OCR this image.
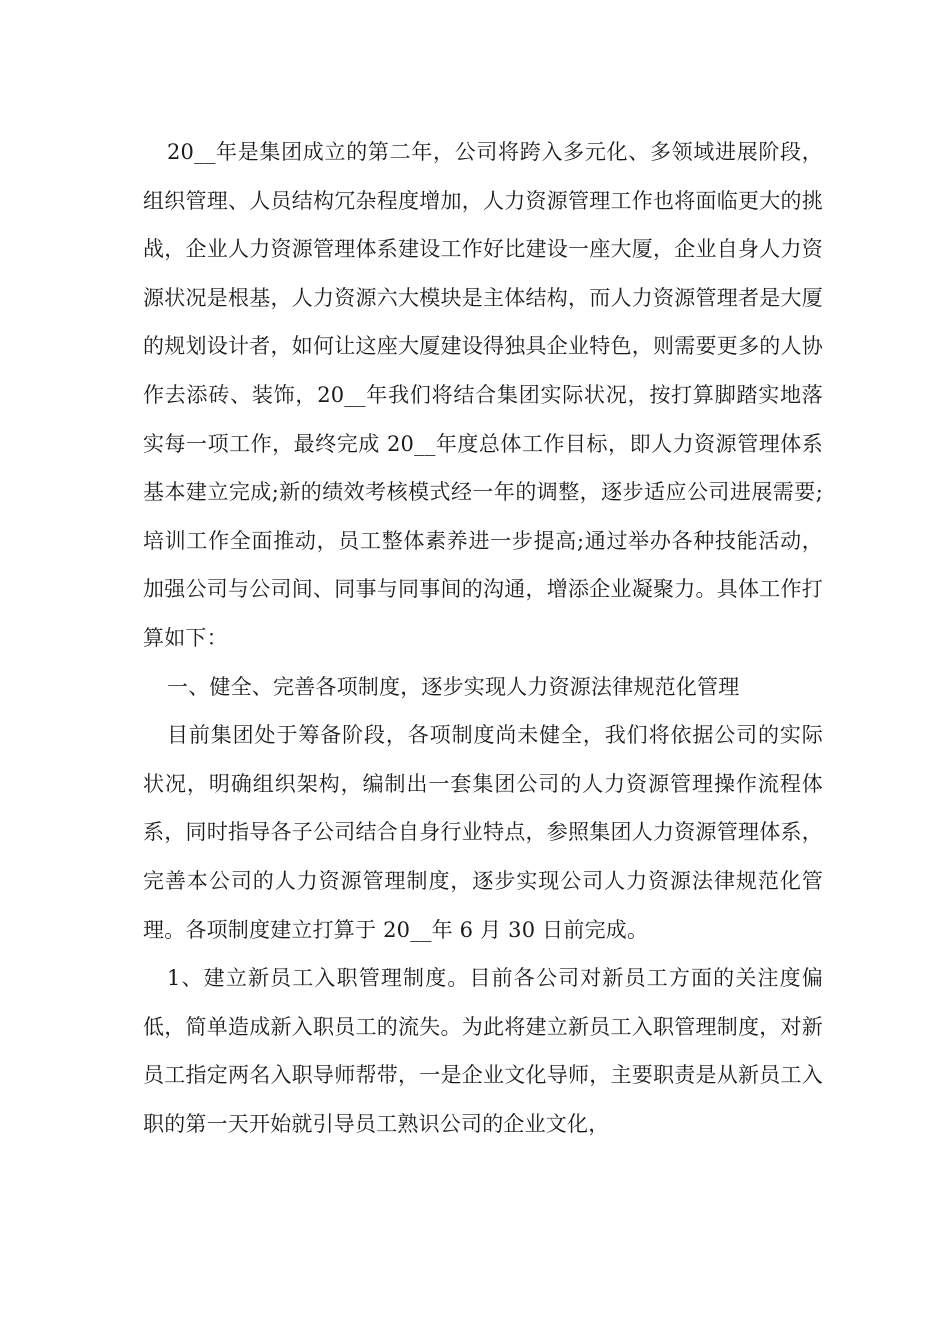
20__年是集团成立的第二年，公司将跨入多元化、多领域进展阶段，组织管理、人员结构冗杂程度增加，人力资源管理工作也将面临更大的挑战，企业人力资源管理体系建设工作好比建设一座大厦，企业自身人力资源状况是根基，人力资源六大模块是主体结构，而人力资源管理者是大厦的规划设计者，如何让这座大厦建设得独具企业特色，则需要更多的人协作去添砖、装饰，20__年我们将结合集团实际状况，按打算脚踏实地落实每一项工作，最终完成 20__年度总体工作目标，即人力资源管理体系基本建立完成;新的绩效考核模式经一年的调整，逐步适应公司进展需要;培训工作全面推动，员工整体素养进一步提高;通过举办各种技能活动，加强公司与公司间、同事与同事间的沟通，增添企业凝聚力。具体工作打算如下：

一、健全、完善各项制度，逐步实现人力资源法律规范化管理

目前集团处于筹备阶段，各项制度尚未健全，我们将依据公司的实际状况，明确组织架构，编制出一套集团公司的人力资源管理操作流程体系，同时指导各子公司结合自身行业特点，参照集团人力资源管理体系，完善本公司的人力资源管理制度，逐步实现公司人力资源法律规范化管理。各项制度建立打算于 20__年 6 月 30 日前完成。

1、建立新员工入职管理制度。目前各公司对新员工方面的关注度偏低，简单造成新入职员工的流失。为此将建立新员工入职管理制度，对新员工指定两名入职导师帮带，一是企业文化导师，主要职责是从新员工入职的第一天开始就引导员工熟识公司的企业文化，
